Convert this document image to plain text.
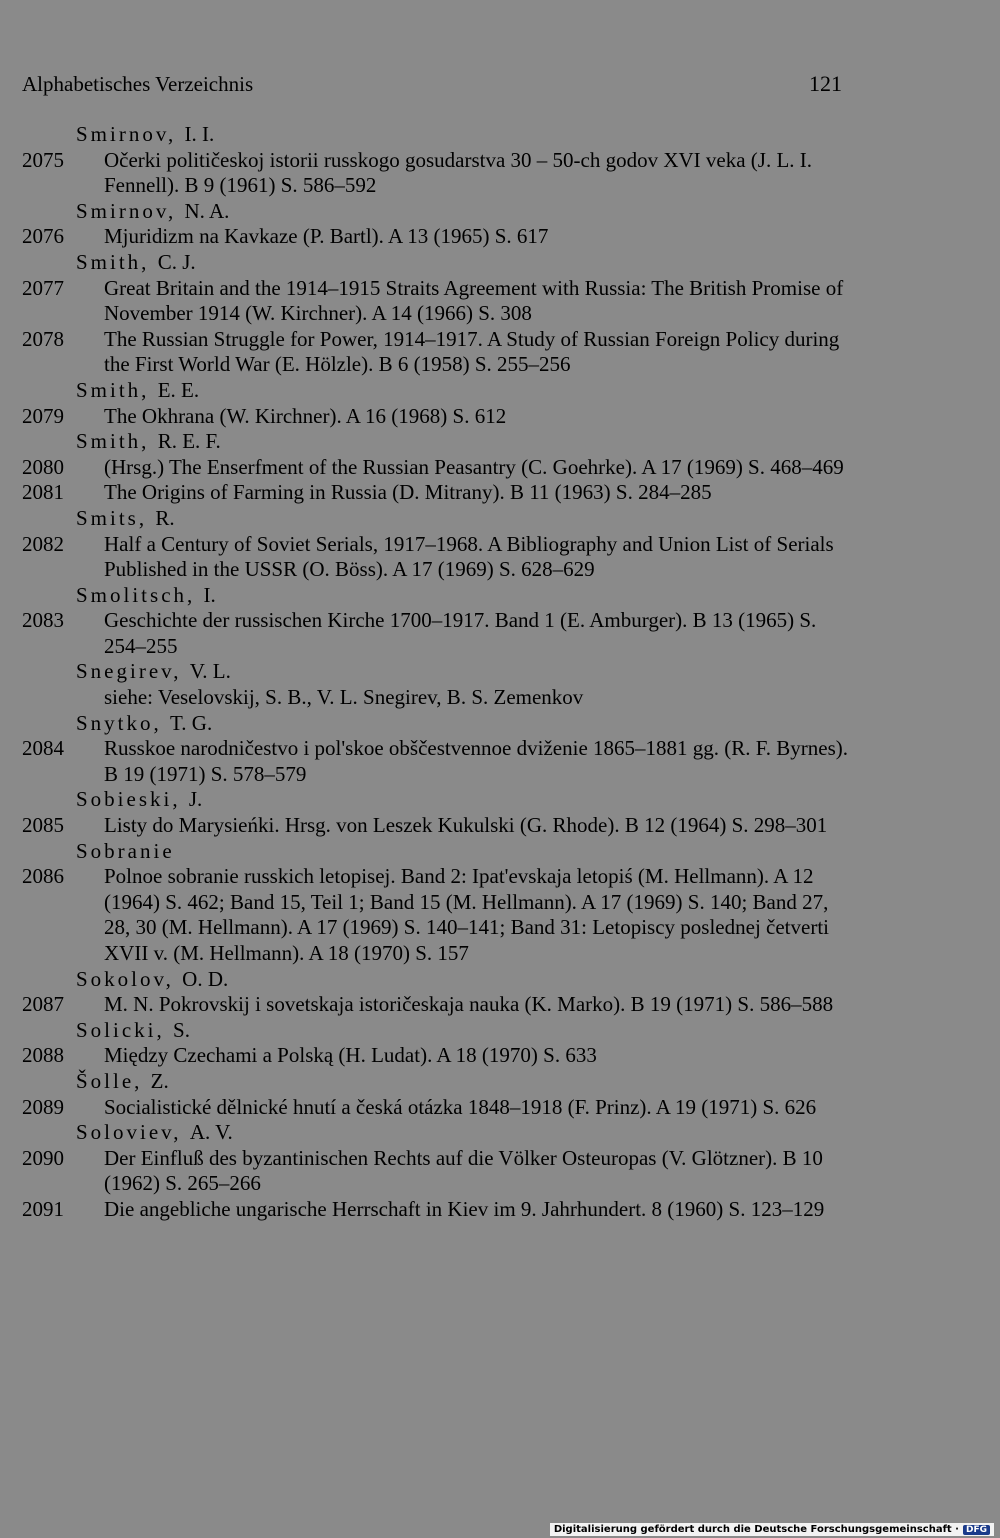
Alphabetisches Verzeichnis	121
Smirnov, I. I.
2075	Očerki političeskoj istorii russkogo gosudarstva 30 – 50-ch godov XVI veka (J. L. I. Fennell). B 9 (1961) S. 586–592
Smirnov, N. A.
2076	Mjuridizm na Kavkaze (P. Bartl). A 13 (1965) S. 617
Smith, C. J.
2077	Great Britain and the 1914–1915 Straits Agreement with Russia: The British Promise of November 1914 (W. Kirchner). A 14 (1966) S. 308
2078	The Russian Struggle for Power, 1914–1917. A Study of Russian Foreign Policy during the First World War (E. Hölzle). B 6 (1958) S. 255–256
Smith, E. E.
2079	The Okhrana (W. Kirchner). A 16 (1968) S. 612
Smith, R. E. F.
2080	(Hrsg.) The Enserfment of the Russian Peasantry (C. Goehrke). A 17 (1969) S. 468–469
2081	The Origins of Farming in Russia (D. Mitrany). B 11 (1963) S. 284–285
Smits, R.
2082	Half a Century of Soviet Serials, 1917–1968. A Bibliography and Union List of Serials Published in the USSR (O. Böss). A 17 (1969) S. 628–629
Smolitsch, I.
2083	Geschichte der russischen Kirche 1700–1917. Band 1 (E. Amburger). B 13 (1965) S. 254–255
Snegirev, V. L.
siehe: Veselovskij, S. B., V. L. Snegirev, B. S. Zemenkov
Snytko, T. G.
2084	Russkoe narodničestvo i pol'skoe obščestvennoe dviženie 1865–1881 gg. (R. F. Byrnes). B 19 (1971) S. 578–579
Sobieski, J.
2085	Listy do Marysieńki. Hrsg. von Leszek Kukulski (G. Rhode). B 12 (1964) S. 298–301
Sobranie
2086	Polnoe sobranie russkich letopisej. Band 2: Ipat'evskaja letopiś (M. Hellmann). A 12 (1964) S. 462; Band 15, Teil 1; Band 15 (M. Hellmann). A 17 (1969) S. 140; Band 27, 28, 30 (M. Hellmann). A 17 (1969) S. 140–141; Band 31: Letopiscy poslednej četverti XVII v. (M. Hellmann). A 18 (1970) S. 157
Sokolov, O. D.
2087	M. N. Pokrovskij i sovetskaja istoričeskaja nauka (K. Marko). B 19 (1971) S. 586–588
Solicki, S.
2088	Między Czechami a Polską (H. Ludat). A 18 (1970) S. 633
Šolle, Z.
2089	Socialistické dělnické hnutí a česká otázka 1848–1918 (F. Prinz). A 19 (1971) S. 626
Soloviev, A. V.
2090	Der Einfluß des byzantinischen Rechts auf die Völker Osteuropas (V. Glötzner). B 10 (1962) S. 265–266
2091	Die angebliche ungarische Herrschaft in Kiev im 9. Jahrhundert. 8 (1960) S. 123–129
Digitalisierung gefördert durch die Deutsche Forschungsgemeinschaft · DFG
